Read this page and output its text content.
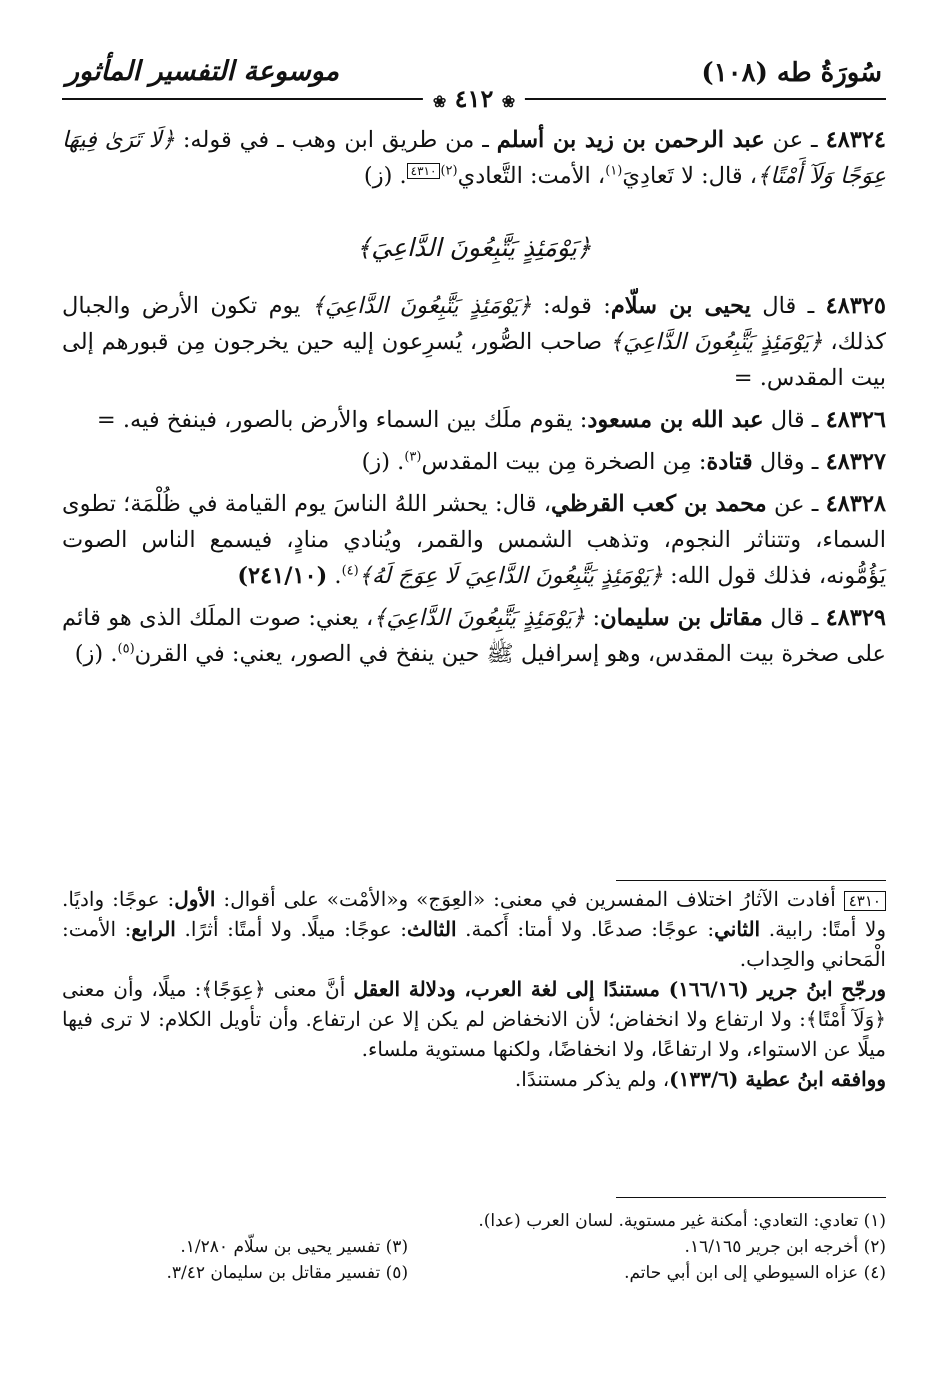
سُورَةُ طه (١٠٨)
موسوعة التفسير المأثور
❀ ٤١٢ ❀

٤٨٣٢٤ ـ عن عبد الرحمن بن زيد بن أسلم ـ من طريق ابن وهب ـ في قوله: ﴿لَا تَرَىٰ فِيهَا عِوَجًا وَلَآ أَمْتًا﴾، قال: لا تَعادِيَ$^{(١)}$، الأمت: التَّعادي$^{(٢)}$٤٣١٠. (ز)

﴿يَوْمَئِذٍ يَتَّبِعُونَ الدَّاعِيَ﴾

٤٨٣٢٥ ـ قال يحيى بن سلّام: قوله: ﴿يَوْمَئِذٍ يَتَّبِعُونَ الدَّاعِيَ﴾ يوم تكون الأرض والجبال كذلك، ﴿يَوْمَئِذٍ يَتَّبِعُونَ الدَّاعِيَ﴾ صاحب الصُّور، يُسرِعون إليه حين يخرجون مِن قبورهم إلى بيت المقدس. =

٤٨٣٢٦ ـ قال عبد الله بن مسعود: يقوم ملَك بين السماء والأرض بالصور، فينفخ فيه. =

٤٨٣٢٧ ـ وقال قتادة: مِن الصخرة مِن بيت المقدس$^{(٣)}$. (ز)

٤٨٣٢٨ ـ عن محمد بن كعب القرظي، قال: يحشر اللهُ الناسَ يوم القيامة في ظُلْمَة؛ تطوى السماء، وتتناثر النجوم، وتذهب الشمس والقمر، ويُنادي منادٍ، فيسمع الناس الصوت يَؤُمُّونه، فذلك قول الله: ﴿يَوْمَئِذٍ يَتَّبِعُونَ الدَّاعِيَ لَا عِوَجَ لَهُ﴾$^{(٤)}$. (٢٤١/١٠)

٤٨٣٢٩ ـ قال مقاتل بن سليمان: ﴿يَوْمَئِذٍ يَتَّبِعُونَ الدَّاعِيَ﴾، يعني: صوت الملَك الذى هو قائم على صخرة بيت المقدس، وهو إسرافيل ﷺ حين ينفخ في الصور، يعني: في القرن$^{(٥)}$. (ز)

٤٣١٠ أفادت الآثارُ اختلاف المفسرين في معنى: «العِوَج» و«الأمْت» على أقوال: الأول: عوجًا: واديًا. ولا أمتًا: رابية. الثاني: عوجًا: صدعًا. ولا أمتا: أَكمة. الثالث: عوجًا: ميلًا. ولا أمتًا: أثرًا. الرابع: الأمت: الْمَحاني والحِداب.

ورجّح ابنُ جرير (١٦٦/١٦) مستندًا إلى لغة العرب، ودلالة العقل أنَّ معنى ﴿عِوَجًا﴾: ميلًا، وأن معنى ﴿وَلَآ أَمْتًا﴾: ولا ارتفاع ولا انخفاض؛ لأن الانخفاض لم يكن إلا عن ارتفاع. وأن تأويل الكلام: لا ترى فيها ميلًا عن الاستواء، ولا ارتفاعًا، ولا انخفاضًا، ولكنها مستوية ملساء.

ووافقه ابنُ عطية (١٣٣/٦)، ولم يذكر مستندًا.

(١) تعادي: التعادي: أمكنة غير مستوية. لسان العرب (عدا).
(٢) أخرجه ابن جرير ١٦/١٦٥.
(٣) تفسير يحيى بن سلّام ١/٢٨٠.
(٤) عزاه السيوطي إلى ابن أبي حاتم.
(٥) تفسير مقاتل بن سليمان ٣/٤٢.
